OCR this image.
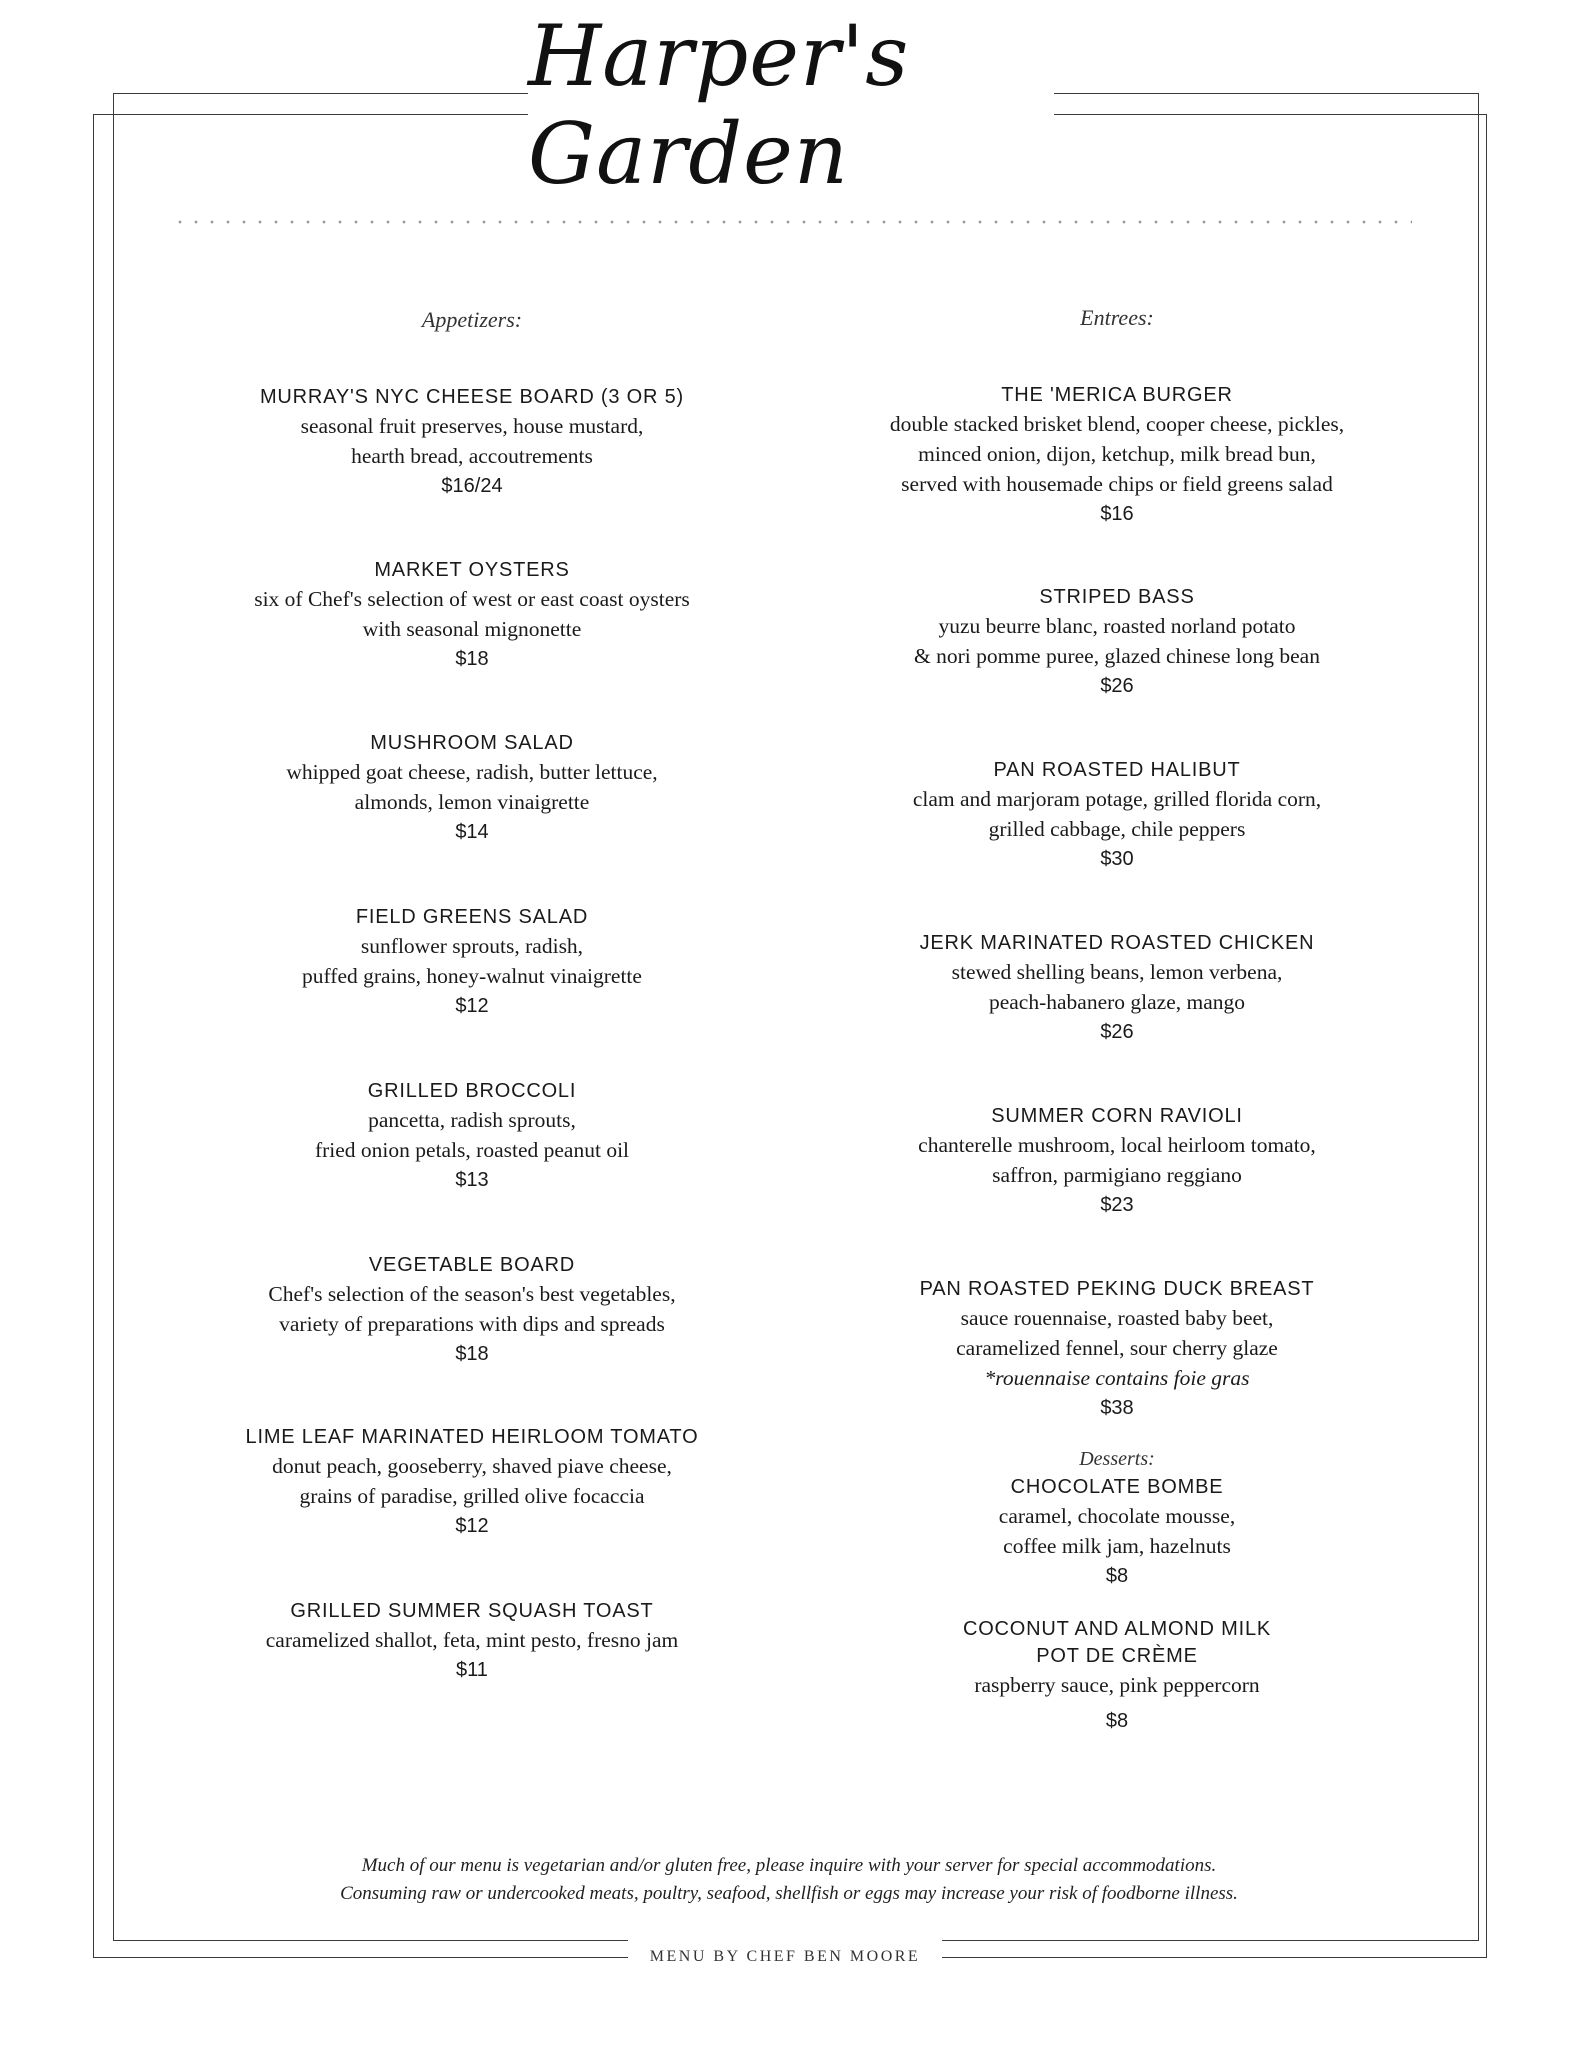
Harper's Garden
Appetizers:
MURRAY'S NYC CHEESE BOARD (3 OR 5)
seasonal fruit preserves, house mustard,
hearth bread, accoutrements
$16/24
MARKET OYSTERS
six of Chef's selection of west or east coast oysters
with seasonal mignonette
$18
MUSHROOM SALAD
whipped goat cheese, radish, butter lettuce,
almonds, lemon vinaigrette
$14
FIELD GREENS SALAD
sunflower sprouts, radish,
puffed grains, honey-walnut vinaigrette
$12
GRILLED BROCCOLI
pancetta, radish sprouts,
fried onion petals, roasted peanut oil
$13
VEGETABLE BOARD
Chef's selection of the season's best vegetables,
variety of preparations with dips and spreads
$18
LIME LEAF MARINATED HEIRLOOM TOMATO
donut peach, gooseberry, shaved piave cheese,
grains of paradise, grilled olive focaccia
$12
GRILLED SUMMER SQUASH TOAST
caramelized shallot, feta, mint pesto, fresno jam
$11
Entrees:
THE 'MERICA BURGER
double stacked brisket blend, cooper cheese, pickles,
minced onion, dijon, ketchup, milk bread bun,
served with housemade chips or field greens salad
$16
STRIPED BASS
yuzu beurre blanc, roasted norland potato
& nori pomme puree, glazed chinese long bean
$26
PAN ROASTED HALIBUT
clam and marjoram potage, grilled florida corn,
grilled cabbage, chile peppers
$30
JERK MARINATED ROASTED CHICKEN
stewed shelling beans, lemon verbena,
peach-habanero glaze, mango
$26
SUMMER CORN RAVIOLI
chanterelle mushroom, local heirloom tomato,
saffron, parmigiano reggiano
$23
PAN ROASTED PEKING DUCK BREAST
sauce rouennaise, roasted baby beet,
caramelized fennel, sour cherry glaze
*rouennaise contains foie gras
$38
Desserts:
CHOCOLATE BOMBE
caramel, chocolate mousse,
coffee milk jam, hazelnuts
$8
COCONUT AND ALMOND MILK
POT DE CRÈME
raspberry sauce, pink peppercorn
$8
Much of our menu is vegetarian and/or gluten free, please inquire with your server for special accommodations.
Consuming raw or undercooked meats, poultry, seafood, shellfish or eggs may increase your risk of foodborne illness.
MENU BY CHEF BEN MOORE
